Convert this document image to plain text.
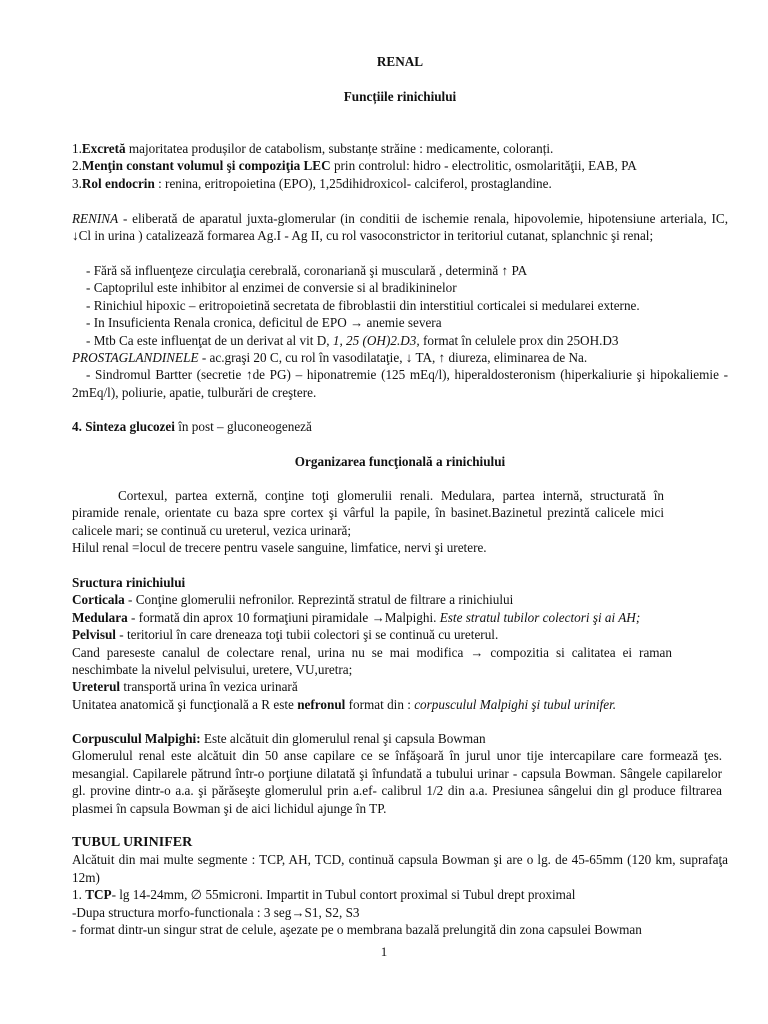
RENAL
Funcțiile rinichiului
1.Excretă majoritatea produșilor de catabolism, substanțe străine : medicamente, coloranți.
2.Menţin constant volumul şi compoziţia LEC prin controlul: hidro - electrolitic, osmolarităţii, EAB, PA
3.Rol endocrin : renina, eritropoietina (EPO), 1,25dihidroxicol- calciferol, prostaglandine.
RENINA - eliberată de aparatul juxta-glomerular (in conditii de ischemie renala, hipovolemie, hipotensiune arteriala, IC, ↓Cl in urina ) catalizează formarea Ag.I - Ag II, cu rol vasoconstrictor in teritoriul cutanat, splanchnic şi renal;
- Fără să influenţeze circulaţia cerebrală, coronariană şi musculară , determină ↑ PA
- Captoprilul este inhibitor al enzimei de conversie si al bradikininelor
- Rinichiul hipoxic – eritropoietină secretata de fibroblastii din interstitiul corticalei si medularei externe.
- In Insuficienta Renala cronica, deficitul de EPO → anemie severa
- Mtb Ca este influenţat de un derivat al vit D, 1, 25 (OH)2.D3, format în celulele prox din 25OH.D3
PROSTAGLANDINELE - ac.graşi 20 C, cu rol în vasodilataţie, ↓ TA, ↑ diureza, eliminarea de Na.
- Sindromul Bartter (secretie ↑de PG) – hiponatremie (125 mEq/l), hiperaldosteronism (hiperkaliurie şi hipokaliemie - 2mEq/l), poliurie, apatie, tulburări de creştere.
4. Sinteza glucozei în post – gluconeogeneză
Organizarea funcţională a rinichiului
Cortexul, partea externă, conţine toţi glomerulii renali. Medulara, partea internă, structurată în piramide renale, orientate cu baza spre cortex şi vârful la papile, în basinet.Bazinetul prezintă calicele mici calicele mari; se continuă cu ureterul, vezica urinară;
Hilul renal =locul de trecere pentru vasele sanguine, limfatice, nervi şi uretere.
Sructura rinichiului
Corticala - Conţine glomerulii nefronilor. Reprezintă stratul de filtrare a rinichiului
Medulara - formată din aprox 10 formaţiuni piramidale →Malpighi. Este stratul tubilor colectori şi ai AH;
Pelvisul - teritoriul în care dreneaza toţi tubii colectori şi se continuă cu ureterul.
Cand pareseste canalul de colectare renal, urina nu se mai modifica → compozitia si calitatea ei raman neschimbate la nivelul pelvisului, uretere, VU,uretra;
Ureterul transportă urina în vezica urinară
Unitatea anatomică şi funcţională a R este nefronul format din : corpusculul Malpighi şi tubul urinifer.
Corpusculul Malpighi: Este alcătuit din glomerulul renal şi capsula Bowman
Glomerulul renal este alcătuit din 50 anse capilare ce se înfăşoară în jurul unor tije intercapilare care formează ţes. mesangial. Capilarele pătrund într-o porţiune dilatată şi înfundată a tubului urinar - capsula Bowman. Sângele capilarelor gl. provine dintr-o a.a. şi părăseşte glomerulul prin a.ef- calibrul 1/2 din a.a. Presiunea sângelui din gl produce filtrarea plasmei în capsula Bowman şi de aici lichidul ajunge în TP.
TUBUL URINIFER
Alcătuit din mai multe segmente : TCP, AH, TCD, continuă capsula Bowman şi are o lg. de 45-65mm (120 km, suprafaţa 12m)
1. TCP- lg 14-24mm, ∅ 55microni. Impartit in Tubul contort proximal si Tubul drept proximal
-Dupa structura morfo-functionala : 3 seg→S1, S2, S3
- format dintr-un singur strat de celule, aşezate pe o membrana bazală prelungită din zona capsulei Bowman
1
